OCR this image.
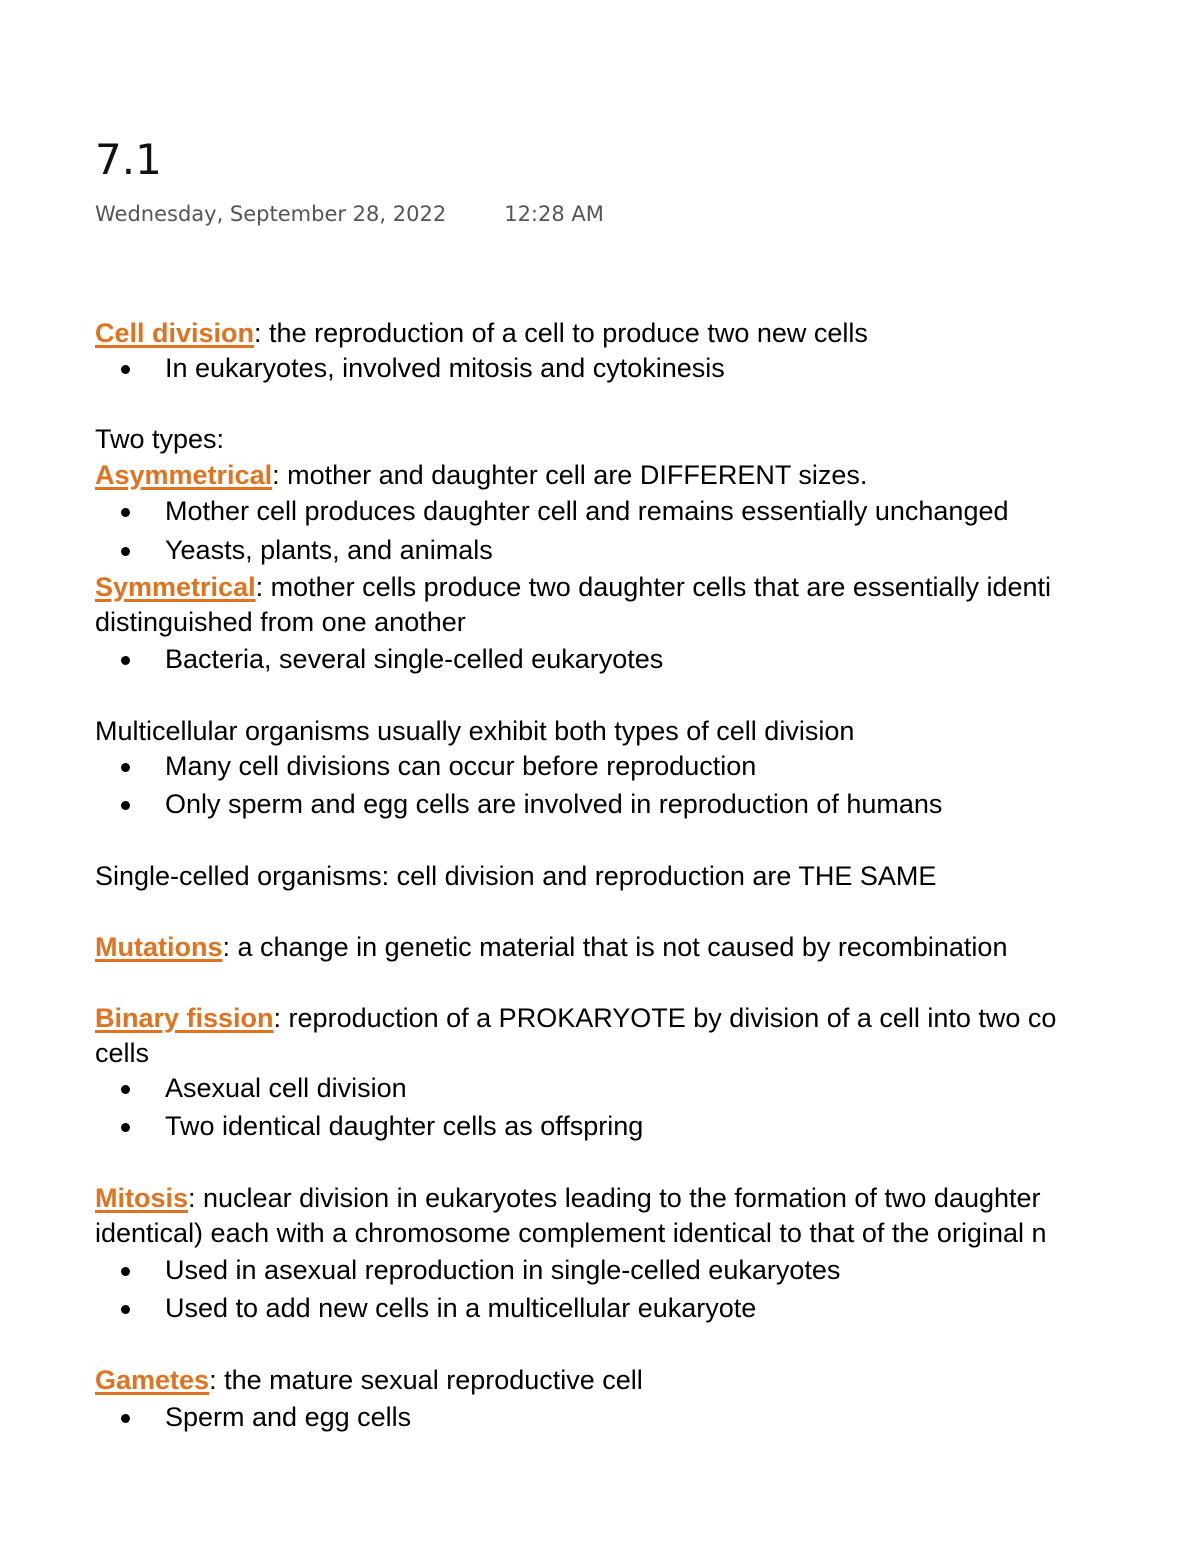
7.1
Wednesday, September 28, 2022	12:28 AM
Cell division: the reproduction of a cell to produce two new cells
In eukaryotes, involved mitosis and cytokinesis
Two types:
Asymmetrical: mother and daughter cell are DIFFERENT sizes.
Mother cell produces daughter cell and remains essentially unchanged
Yeasts, plants, and animals
Symmetrical: mother cells produce two daughter cells that are essentially identi
distinguished from one another
Bacteria, several single-celled eukaryotes
Multicellular organisms usually exhibit both types of cell division
Many cell divisions can occur before reproduction
Only sperm and egg cells are involved in reproduction of humans
Single-celled organisms: cell division and reproduction are THE SAME
Mutations: a change in genetic material that is not caused by recombination
Binary fission: reproduction of a PROKARYOTE by division of a cell into two co
cells
Asexual cell division
Two identical daughter cells as offspring
Mitosis: nuclear division in eukaryotes leading to the formation of two daughter
identical) each with a chromosome complement identical to that of the original n
Used in asexual reproduction in single-celled eukaryotes
Used to add new cells in a multicellular eukaryote
Gametes: the mature sexual reproductive cell
Sperm and egg cells
